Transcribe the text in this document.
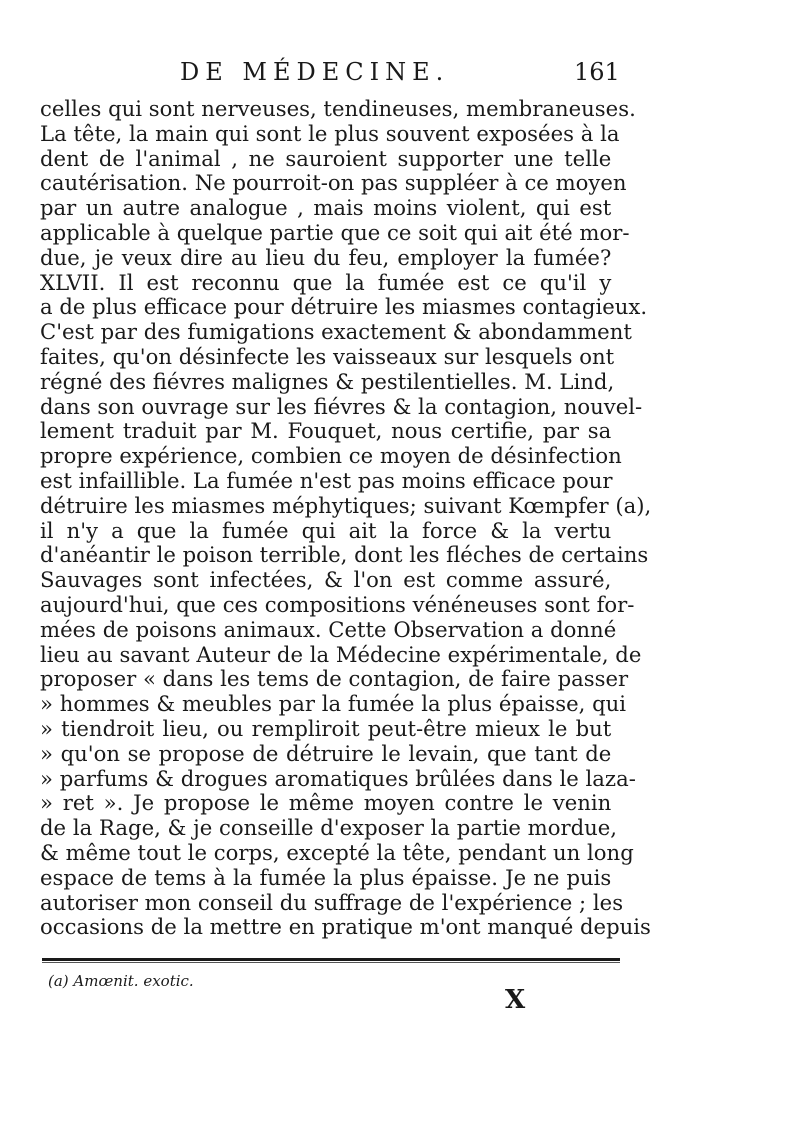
DE MÉDECINE.	161
celles qui sont nerveuses, tendineuses, membraneuses.
La tête, la main qui sont le plus souvent exposées à la
dent de l'animal , ne sauroient supporter une telle
cautérisation. Ne pourroit-on pas suppléer à ce moyen
par un autre analogue , mais moins violent, qui est
applicable à quelque partie que ce soit qui ait été mor-
due, je veux dire au lieu du feu, employer la fumée?
XLVII. Il est reconnu que la fumée est ce qu'il y
a de plus efficace pour détruire les miasmes contagieux.
C'est par des fumigations exactement & abondamment
faites, qu'on désinfecte les vaisseaux sur lesquels ont
régné des fiévres malignes & pestilentielles. M. Lind,
dans son ouvrage sur les fiévres & la contagion, nouvel-
lement traduit par M. Fouquet, nous certifie, par sa
propre expérience, combien ce moyen de désinfection
est infaillible. La fumée n'est pas moins efficace pour
détruire les miasmes méphytiques; suivant Kœmpfer (a),
il n'y a que la fumée qui ait la force & la vertu
d'anéantir le poison terrible, dont les fléches de certains
Sauvages sont infectées, & l'on est comme assuré,
aujourd'hui, que ces compositions vénéneuses sont for-
mées de poisons animaux. Cette Observation a donné
lieu au savant Auteur de la Médecine expérimentale, de
proposer « dans les tems de contagion, de faire passer
» hommes & meubles par la fumée la plus épaisse, qui
» tiendroit lieu, ou rempliroit peut-être mieux le but
» qu'on se propose de détruire le levain, que tant de
» parfums & drogues aromatiques brûlées dans le laza-
» ret ». Je propose le même moyen contre le venin
de la Rage, & je conseille d'exposer la partie mordue,
& même tout le corps, excepté la tête, pendant un long
espace de tems à la fumée la plus épaisse. Je ne puis
autoriser mon conseil du suffrage de l'expérience ; les
occasions de la mettre en pratique m'ont manqué depuis
(a) Amœnit. exotic.
X
